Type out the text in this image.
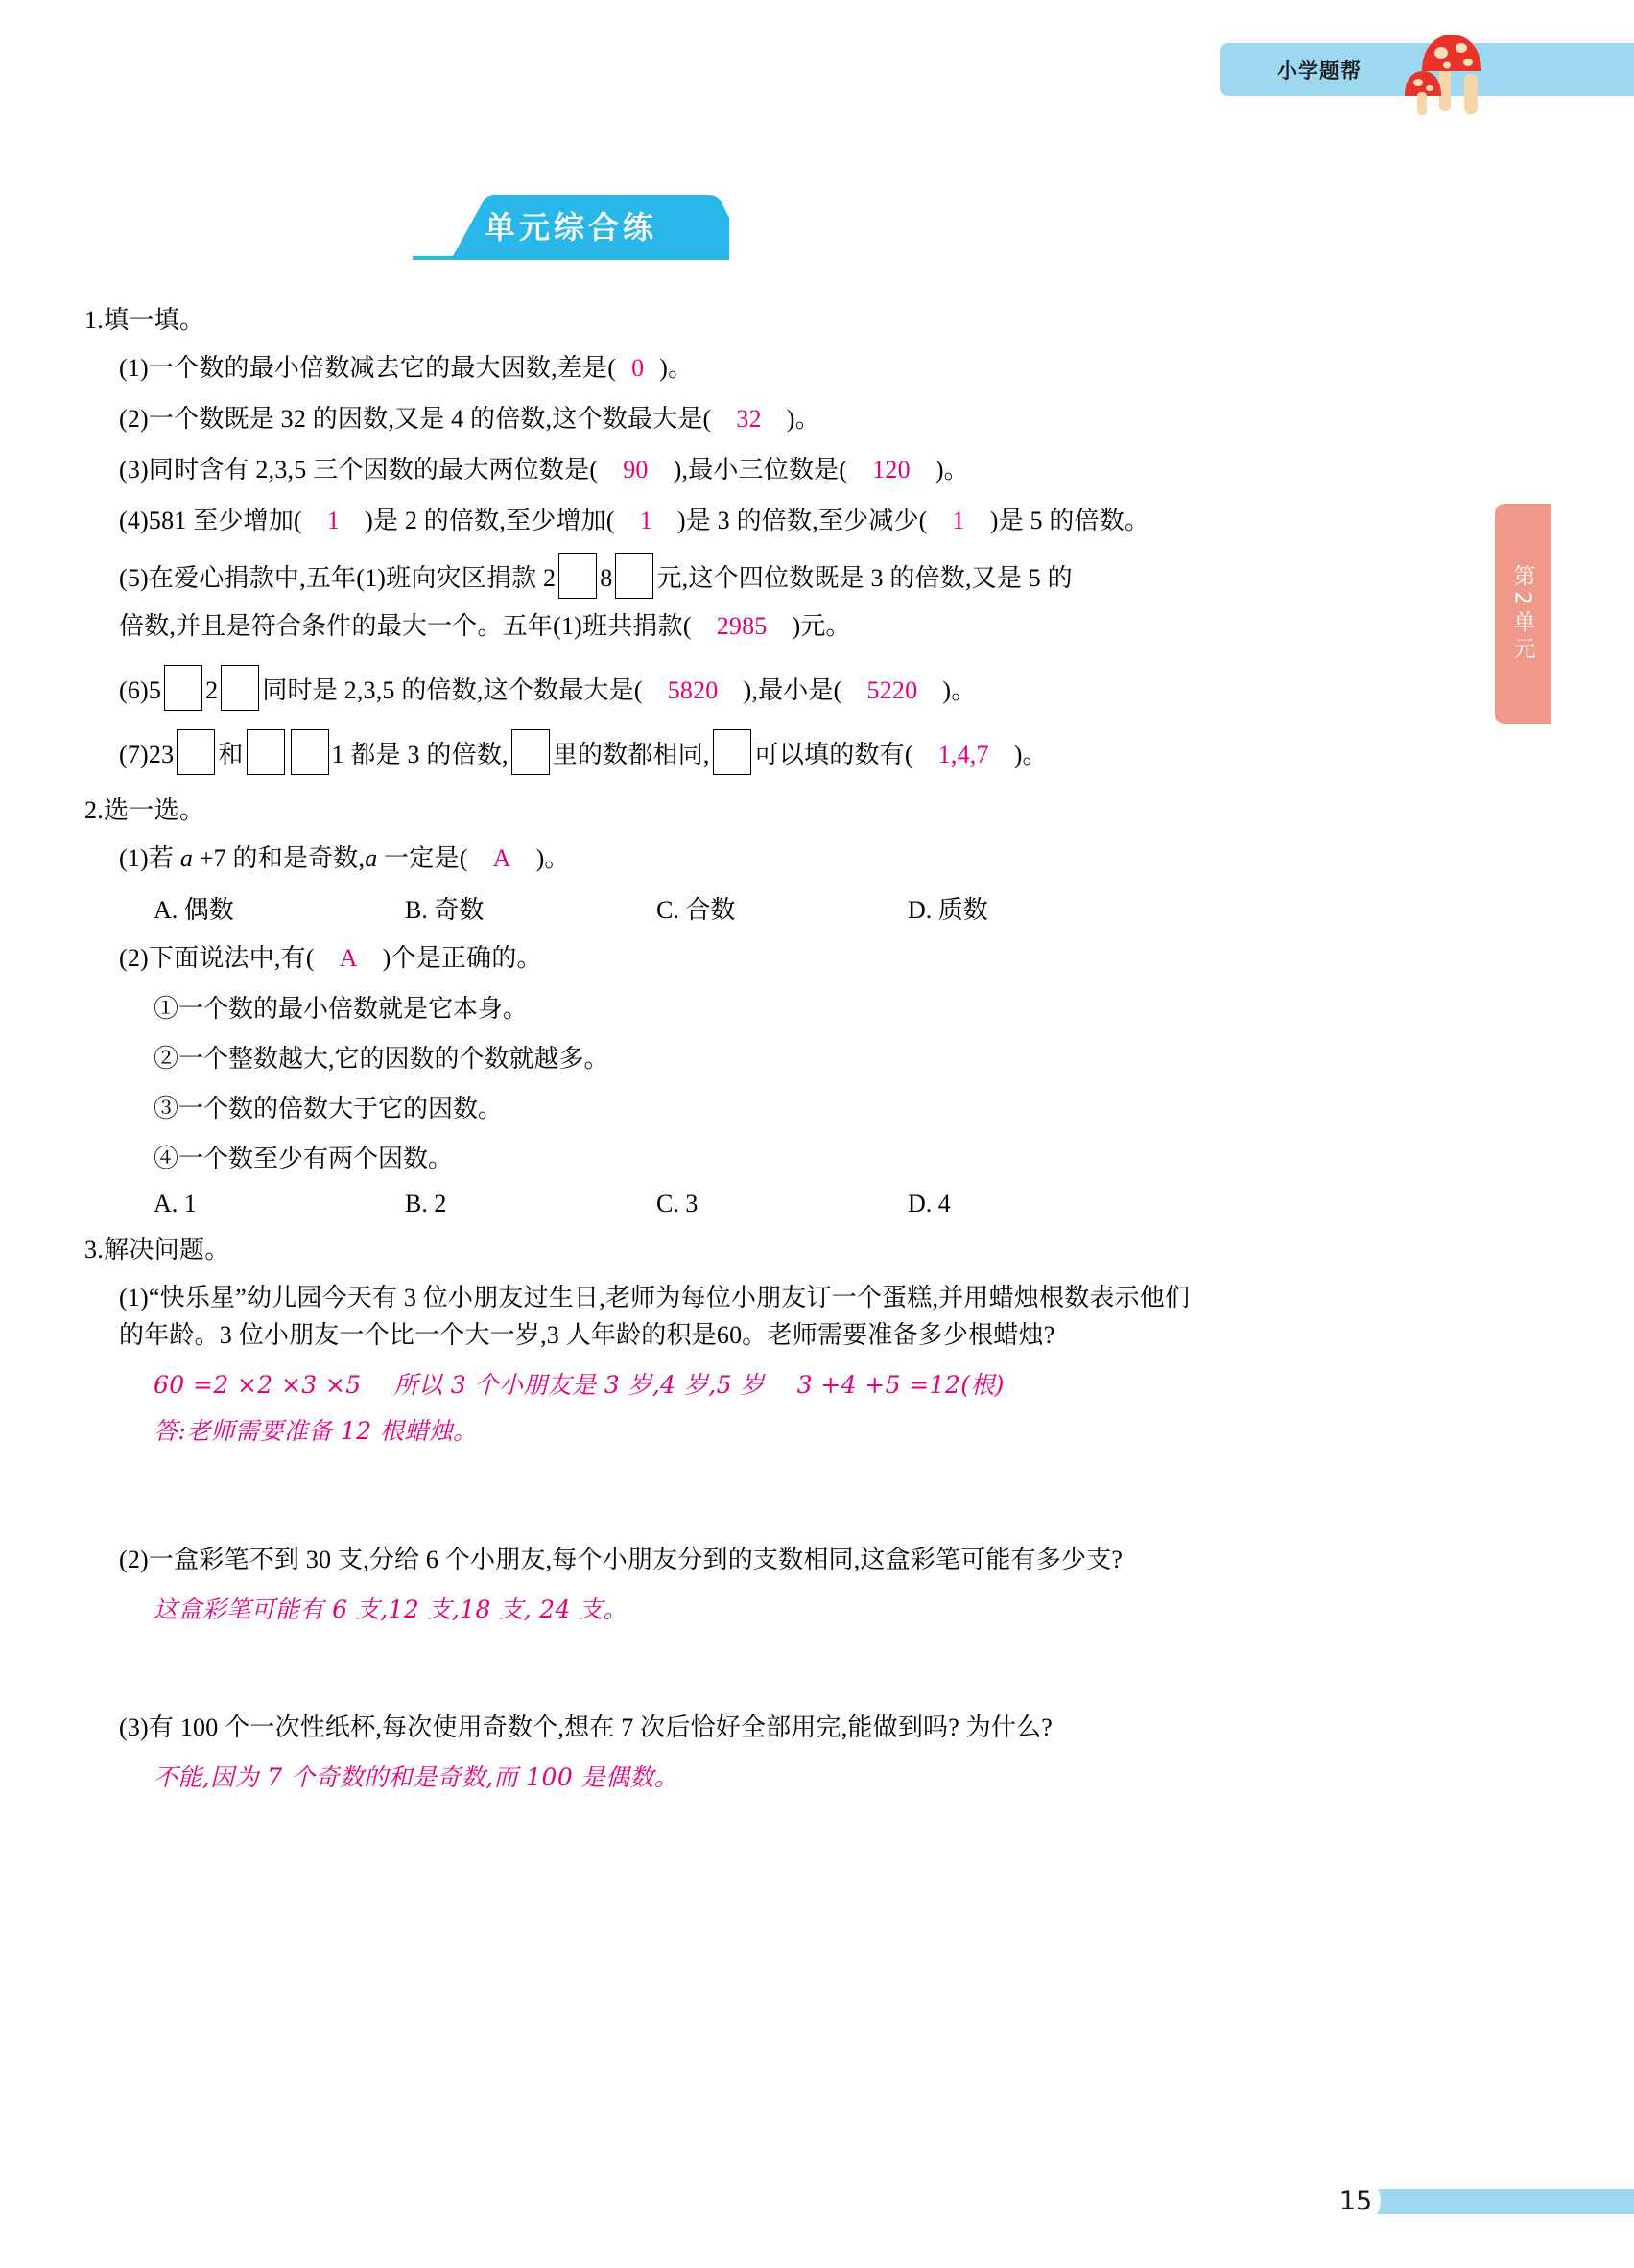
小学题帮
单元综合练
第2单元
1.填一填。
(1)一个数的最小倍数减去它的最大因数,差是( 0 )。
(2)一个数既是 32 的因数,又是 4 的倍数,这个数最大是( 32 )。
(3)同时含有 2,3,5 三个因数的最大两位数是( 90 ),最小三位数是( 120 )。
(4)581 至少增加( 1 )是 2 的倍数,至少增加( 1 )是 3 的倍数,至少减少( 1 )是 5 的倍数。
(5)在爱心捐款中,五年(1)班向灾区捐款 2 8 元,这个四位数既是 3 的倍数,又是 5 的
倍数,并且是符合条件的最大一个。五年(1)班共捐款( 2985 )元。
(6)5 2 同时是 2,3,5 的倍数,这个数最大是( 5820 ),最小是( 5220 )。
(7)23 和	1 都是 3 的倍数, 里的数都相同, 可以填的数有( 1,4,7 )。
2.选一选。
(1)若 a +7 的和是奇数,a 一定是( A )。
A. 偶数	B. 奇数	C. 合数	D. 质数
(2)下面说法中,有( A )个是正确的。
①一个数的最小倍数就是它本身。
②一个整数越大,它的因数的个数就越多。
③一个数的倍数大于它的因数。
④一个数至少有两个因数。
A. 1	B. 2	C. 3	D. 4
3.解决问题。
(1)“快乐星”幼儿园今天有 3 位小朋友过生日,老师为每位小朋友订一个蛋糕,并用蜡烛根数表示他们
的年龄。3 位小朋友一个比一个大一岁,3 人年龄的积是60。老师需要准备多少根蜡烛?
60 =2 ×2 ×3 ×5 所以 3 个小朋友是 3 岁,4 岁,5 岁 3 +4 +5 =12(根)
答:老师需要准备 12 根蜡烛。
(2)一盒彩笔不到 30 支,分给 6 个小朋友,每个小朋友分到的支数相同,这盒彩笔可能有多少支?
这盒彩笔可能有 6 支,12 支,18 支, 24 支。
(3)有 100 个一次性纸杯,每次使用奇数个,想在 7 次后恰好全部用完,能做到吗? 为什么?
不能,因为 7 个奇数的和是奇数,而 100 是偶数。
15
